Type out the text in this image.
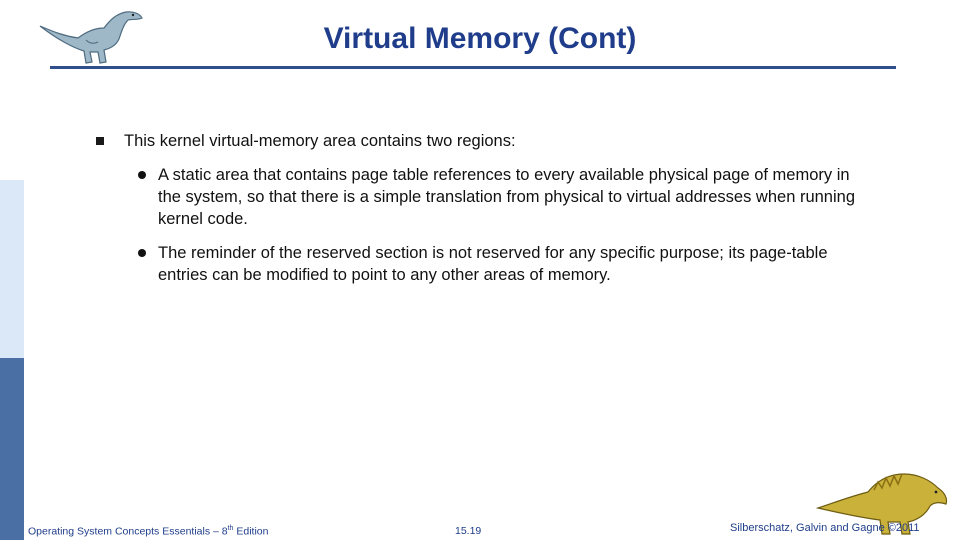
Virtual Memory (Cont)
This kernel virtual-memory area contains two regions:
A static area that contains page table references to every available physical page of memory in the system, so that there is a simple translation from physical to virtual addresses when running kernel code.
The reminder of the reserved section is not reserved for any specific purpose; its page-table entries can be modified to point to any other areas of memory.
Operating System Concepts Essentials – 8th Edition	15.19	Silberschatz, Galvin and Gagne ©2011
